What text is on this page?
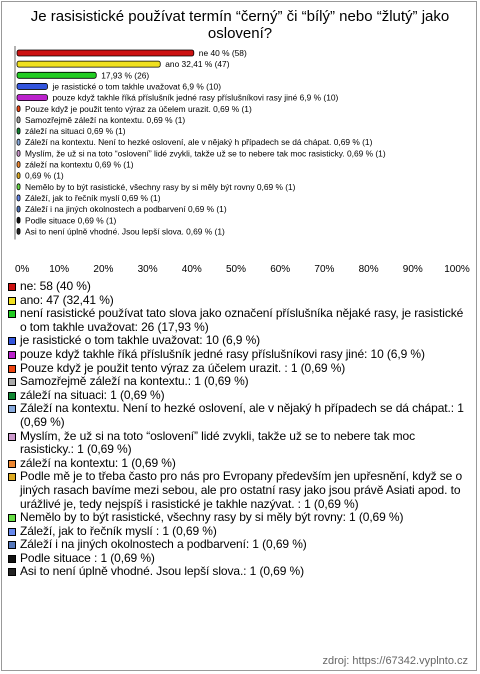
Je rasisistické používat termín “černý” či “bílý” nebo “žlutý” jako oslovení?
ne 40 % (58)
ano 32,41 % (47)
17,93 % (26)
je rasistické o tom takhle uvažovat 6,9 % (10)
pouze když takhle říká příslušník jedné rasy příslušníkovi rasy jiné 6,9 % (10)
Pouze když je použit tento výraz za účelem urazit. 0,69 % (1)
Samozřejmě záleží na kontextu. 0,69 % (1)
záleží na situaci 0,69 % (1)
Záleží na kontextu. Není to hezké oslovení, ale v nějaký h případech se dá chápat. 0,69 % (1)
Myslím, že už si na toto “oslovení” lidé zvykli, takže už se to nebere tak moc rasisticky. 0,69 % (1)
záleží na kontextu 0,69 % (1)
0,69 % (1)
Nemělo by to být rasistické, všechny rasy by si měly být rovny 0,69 % (1)
Záleží, jak to řečník myslí 0,69 % (1)
Záleží i na jiných okolnostech a podbarvení 0,69 % (1)
Podle situace 0,69 % (1)
Asi to není úplně vhodné. Jsou lepší slova. 0,69 % (1)
0% 10% 20% 30% 40% 50% 60% 70% 80% 90% 100%
ne: 58 (40 %)
ano: 47 (32,41 %)
není rasistické používat tato slova jako označení příslušníka nějaké rasy, je rasistické o tom takhle uvažovat: 26 (17,93 %)
je rasistické o tom takhle uvažovat: 10 (6,9 %)
pouze když takhle říká příslušník jedné rasy příslušníkovi rasy jiné: 10 (6,9 %)
Pouze když je použit tento výraz za účelem urazit. : 1 (0,69 %)
Samozřejmě záleží na kontextu.: 1 (0,69 %)
záleží na situaci: 1 (0,69 %)
Záleží na kontextu. Není to hezké oslovení, ale v nějaký h případech se dá chápat.: 1 (0,69 %)
Myslím, že už si na toto “oslovení” lidé zvykli, takže už se to nebere tak moc rasisticky.: 1 (0,69 %)
záleží na kontextu: 1 (0,69 %)
Podle mě je to třeba často pro nás pro Evropany především jen upřesnění, když se o jiných rasach bavíme mezi sebou, ale pro ostatní rasy jako jsou právě Asiati apod. to urážlivé je, tedy nejspíš i rasistické je takhle nazývat. : 1 (0,69 %)
Nemělo by to být rasistické, všechny rasy by si měly být rovny: 1 (0,69 %)
Záleží, jak to řečník myslí : 1 (0,69 %)
Záleží i na jiných okolnostech a podbarvení: 1 (0,69 %)
Podle situace : 1 (0,69 %)
Asi to není úplně vhodné. Jsou lepší slova.: 1 (0,69 %)
zdroj: https://67342.vyplnto.cz
